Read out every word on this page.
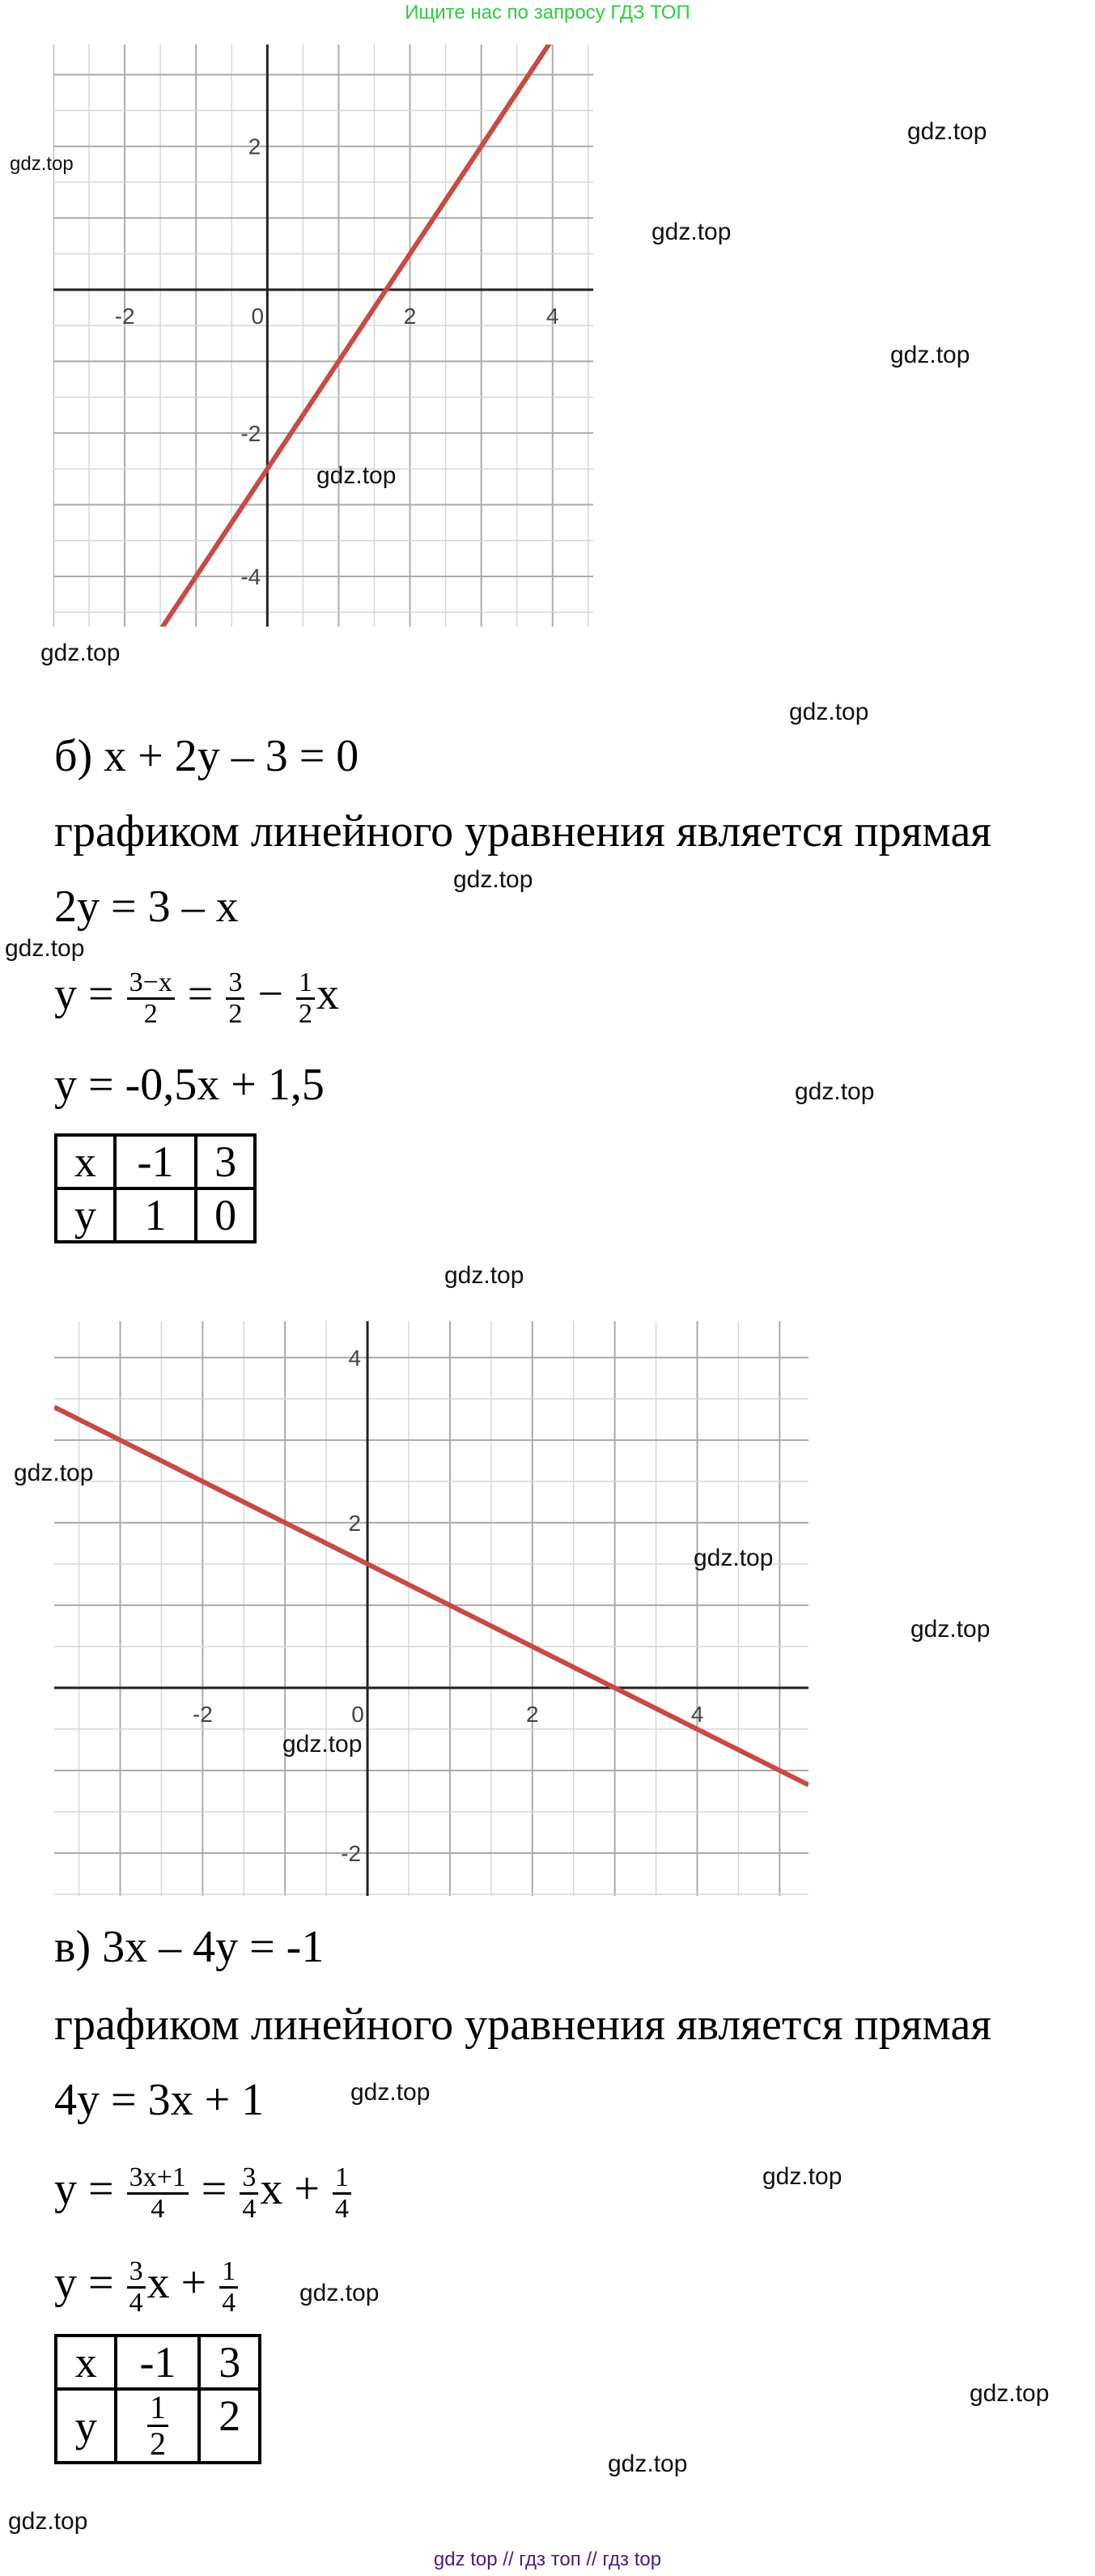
Ищите нас по запросу ГДЗ ТОП
-2	0	2	4
2
-2
-4
-2	0	2	4
4
2
-2
б) x + 2y – 3 = 0
графиком линейного уравнения является прямая
2y = 3 – x
$y = \frac{3-x}{2} = \frac{3}{2} - \frac{1}{2}$ x
y = -0,5x + 1,5
x	-1	3
y	1	0
в) 3x – 4y = -1
графиком линейного уравнения является прямая
4y = 3x + 1
$y = \frac{3x+1}{4} = \frac{3}{4}$ $x + \frac{1}{4}$
$y = \frac{3}{4}$ $x + \frac{1}{4}$
x	-1	3
y	$\frac{1}{2}$	2
gdz.top
gdz.top
gdz.top
gdz.top
gdz.top
gdz.top
gdz.top
gdz.top
gdz.top
gdz.top
gdz.top
gdz.top
gdz.top
gdz.top
gdz.top
gdz.top
gdz.top
gdz.top
gdz.top
gdz.top
gdz.top
gdz top // гдз топ // гдз top
